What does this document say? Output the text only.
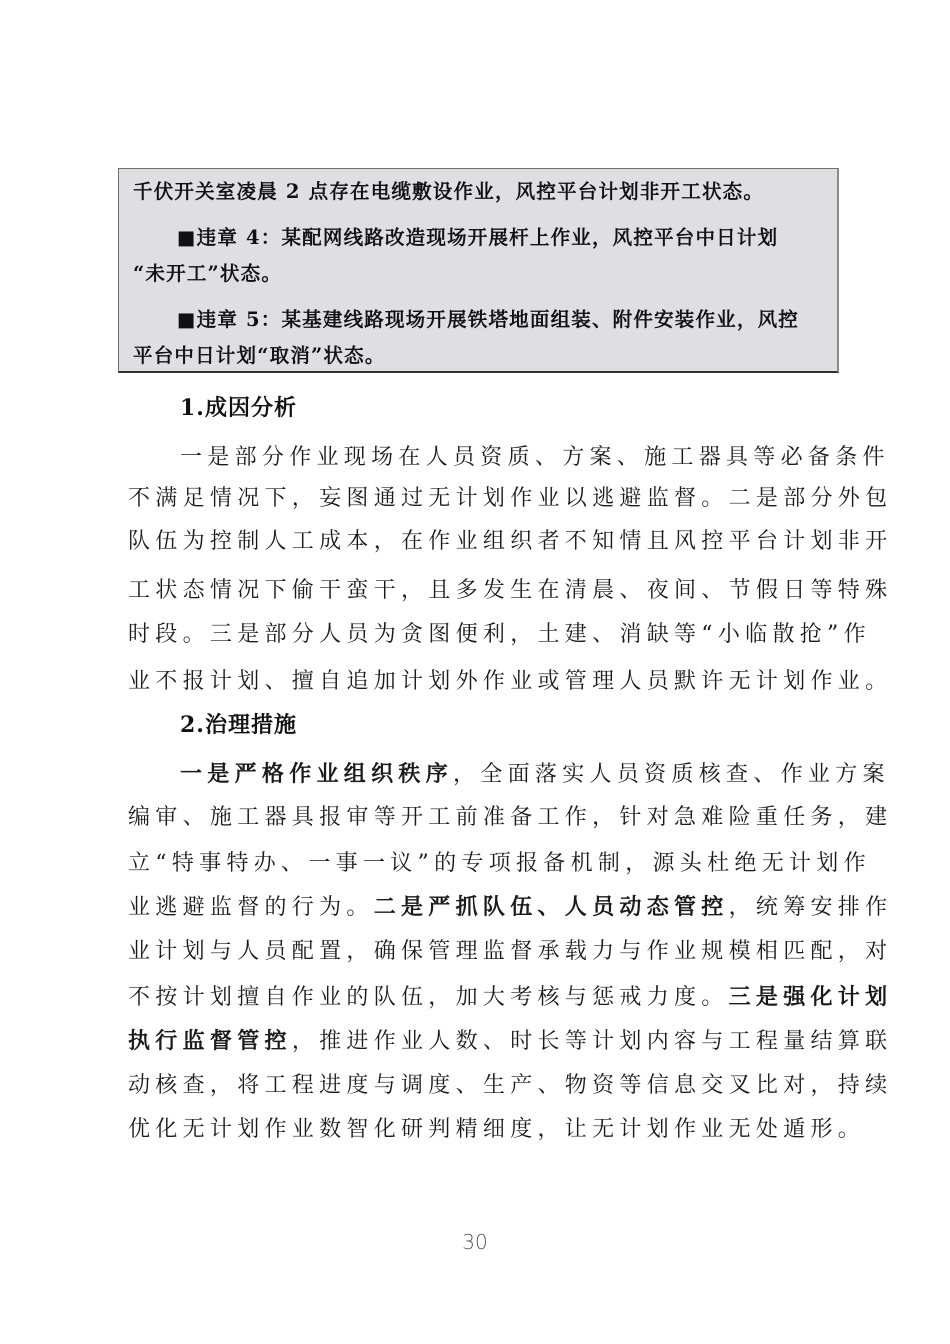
千伏开关室凌晨 2 点存在电缆敷设作业，风控平台计划非开工状态。
■违章 4：某配网线路改造现场开展杆上作业，风控平台中日计划
“未开工”状态。
■违章 5：某基建线路现场开展铁塔地面组装、附件安装作业，风控
平台中日计划“取消”状态。
1.成因分析
一是部分作业现场在人员资质、方案、施工器具等必备条件
不满足情况下，妄图通过无计划作业以逃避监督。二是部分外包
队伍为控制人工成本，在作业组织者不知情且风控平台计划非开
工状态情况下偷干蛮干，且多发生在清晨、夜间、节假日等特殊
时段。三是部分人员为贪图便利，土建、消缺等“小临散抢”作
业不报计划、擅自追加计划外作业或管理人员默许无计划作业。
2.治理措施
一是严格作业组织秩序，全面落实人员资质核查、作业方案
编审、施工器具报审等开工前准备工作，针对急难险重任务，建
立“特事特办、一事一议”的专项报备机制，源头杜绝无计划作
业逃避监督的行为。二是严抓队伍、人员动态管控，统筹安排作
业计划与人员配置，确保管理监督承载力与作业规模相匹配，对
不按计划擅自作业的队伍，加大考核与惩戒力度。三是强化计划
执行监督管控，推进作业人数、时长等计划内容与工程量结算联
动核查，将工程进度与调度、生产、物资等信息交叉比对，持续
优化无计划作业数智化研判精细度，让无计划作业无处遁形。
30
